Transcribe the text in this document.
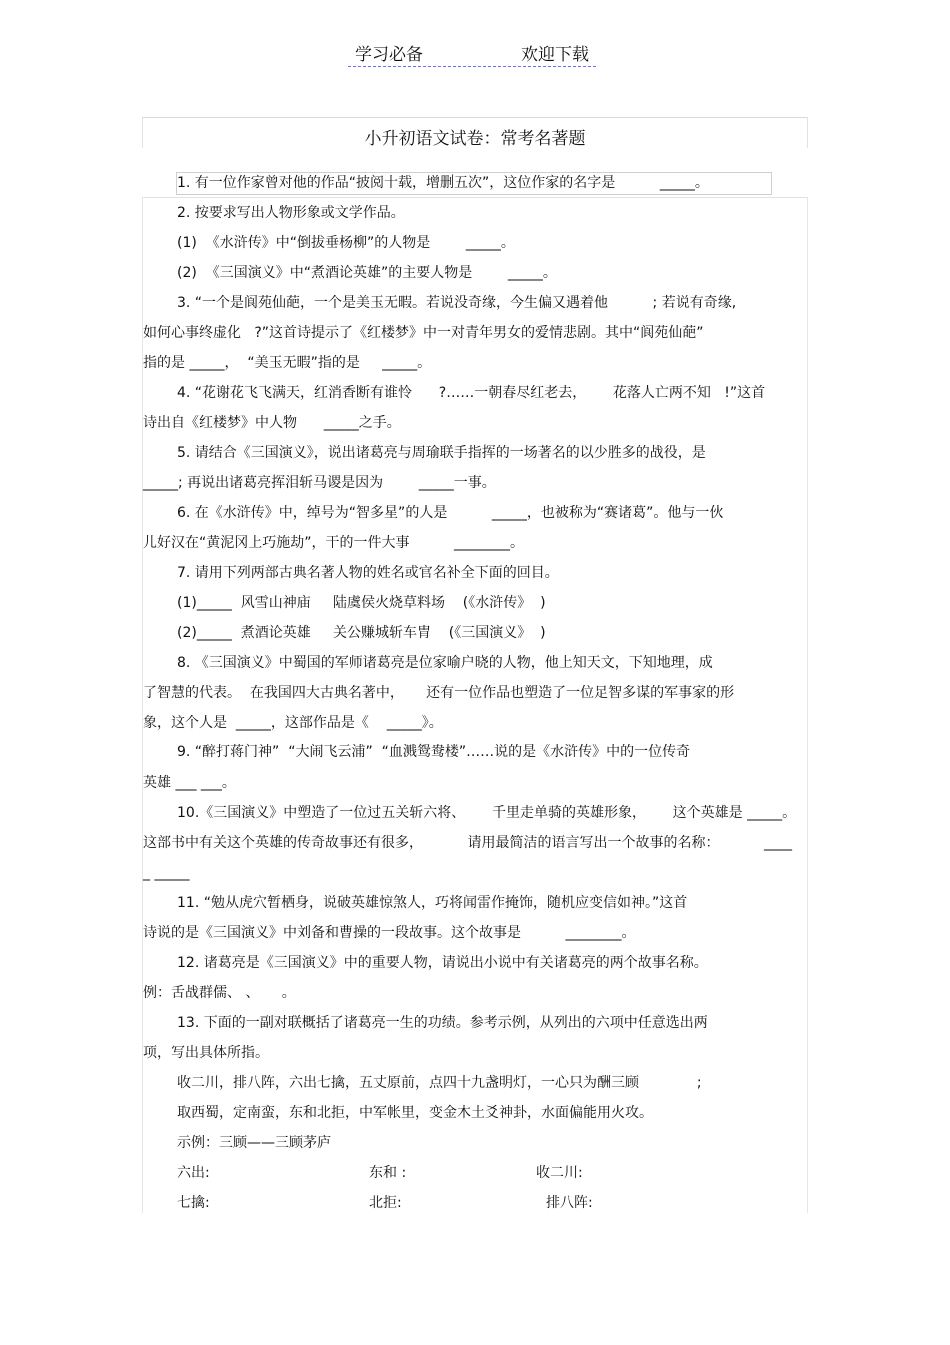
学习必备	欢迎下载
小升初语文试卷：常考名著题
1. 有一位作家曾对他的作品“披阅十载，增删五次”，这位作家的名字是          _____。
2. 按要求写出人物形象或文学作品。
(1)  《水浒传》中“倒拔垂杨柳”的人物是        _____。
(2)  《三国演义》中“煮酒论英雄”的主要人物是        _____。
3. “一个是阆苑仙葩，一个是美玉无暇。若说没奇缘，今生偏又遇着他          ; 若说有奇缘,
如何心事终虚化   ?”这首诗提示了《红楼梦》中一对青年男女的爱情悲剧。其中“阆苑仙葩”
指的是 _____，  “美玉无暇”指的是     _____。
4. “花谢花飞飞满天，红消香断有谁怜      ?……一朝春尽红老去，      花落人亡两不知   !”这首
诗出自《红楼梦》中人物      _____之手。
5. 请结合《三国演义》，说出诸葛亮与周瑜联手指挥的一场著名的以少胜多的战役，是
_____; 再说出诸葛亮挥泪斩马谡是因为        _____一事。
6. 在《水浒传》中，绰号为“智多星”的人是          _____，也被称为“赛诸葛”。他与一伙
儿好汉在“黄泥冈上巧施劫”，干的一件大事          ________。
7. 请用下列两部古典名著人物的姓名或官名补全下面的回目。
(1)_____  风雪山神庙     陆虞侯火烧草料场    (《水浒传》  )
(2)_____  煮酒论英雄     关公赚城斩车胄    (《三国演义》  )
8. 《三国演义》中蜀国的军师诸葛亮是位家喻户晓的人物，他上知天文，下知地理，成
了智慧的代表。  在我国四大古典名著中，     还有一位作品也塑造了一位足智多谋的军事家的形
象，这个人是  _____，这部作品是《    _____》。
9. “醉打蒋门神”  “大闹飞云浦”  “血溅鸳鸯楼”……说的是《水浒传》中的一位传奇
英雄 ___ ___。
10.《三国演义》中塑造了一位过五关斩六将、      千里走单骑的英雄形象，      这个英雄是 _____。
这部书中有关这个英雄的传奇故事还有很多，          请用最简洁的语言写出一个故事的名称：          ____
_ _____
11. “勉从虎穴暂栖身，说破英雄惊煞人，巧将闻雷作掩饰，随机应变信如神。”这首
诗说的是《三国演义》中刘备和曹操的一段故事。这个故事是          ________。
12. 诸葛亮是《三国演义》中的重要人物，请说出小说中有关诸葛亮的两个故事名称。
例：舌战群儒、 、     。
13. 下面的一副对联概括了诸葛亮一生的功绩。参考示例，从列出的六项中任意选出两
项，写出具体所指。
收二川，排八阵，六出七擒，五丈原前，点四十九盏明灯，一心只为酬三顾             ;
取西蜀，定南蛮，东和北拒，中军帐里，变金木土爻神卦，水面偏能用火攻。
示例：三顾——三顾茅庐
六出:	东和 :	收二川:
七擒:	北拒:	排八阵:
